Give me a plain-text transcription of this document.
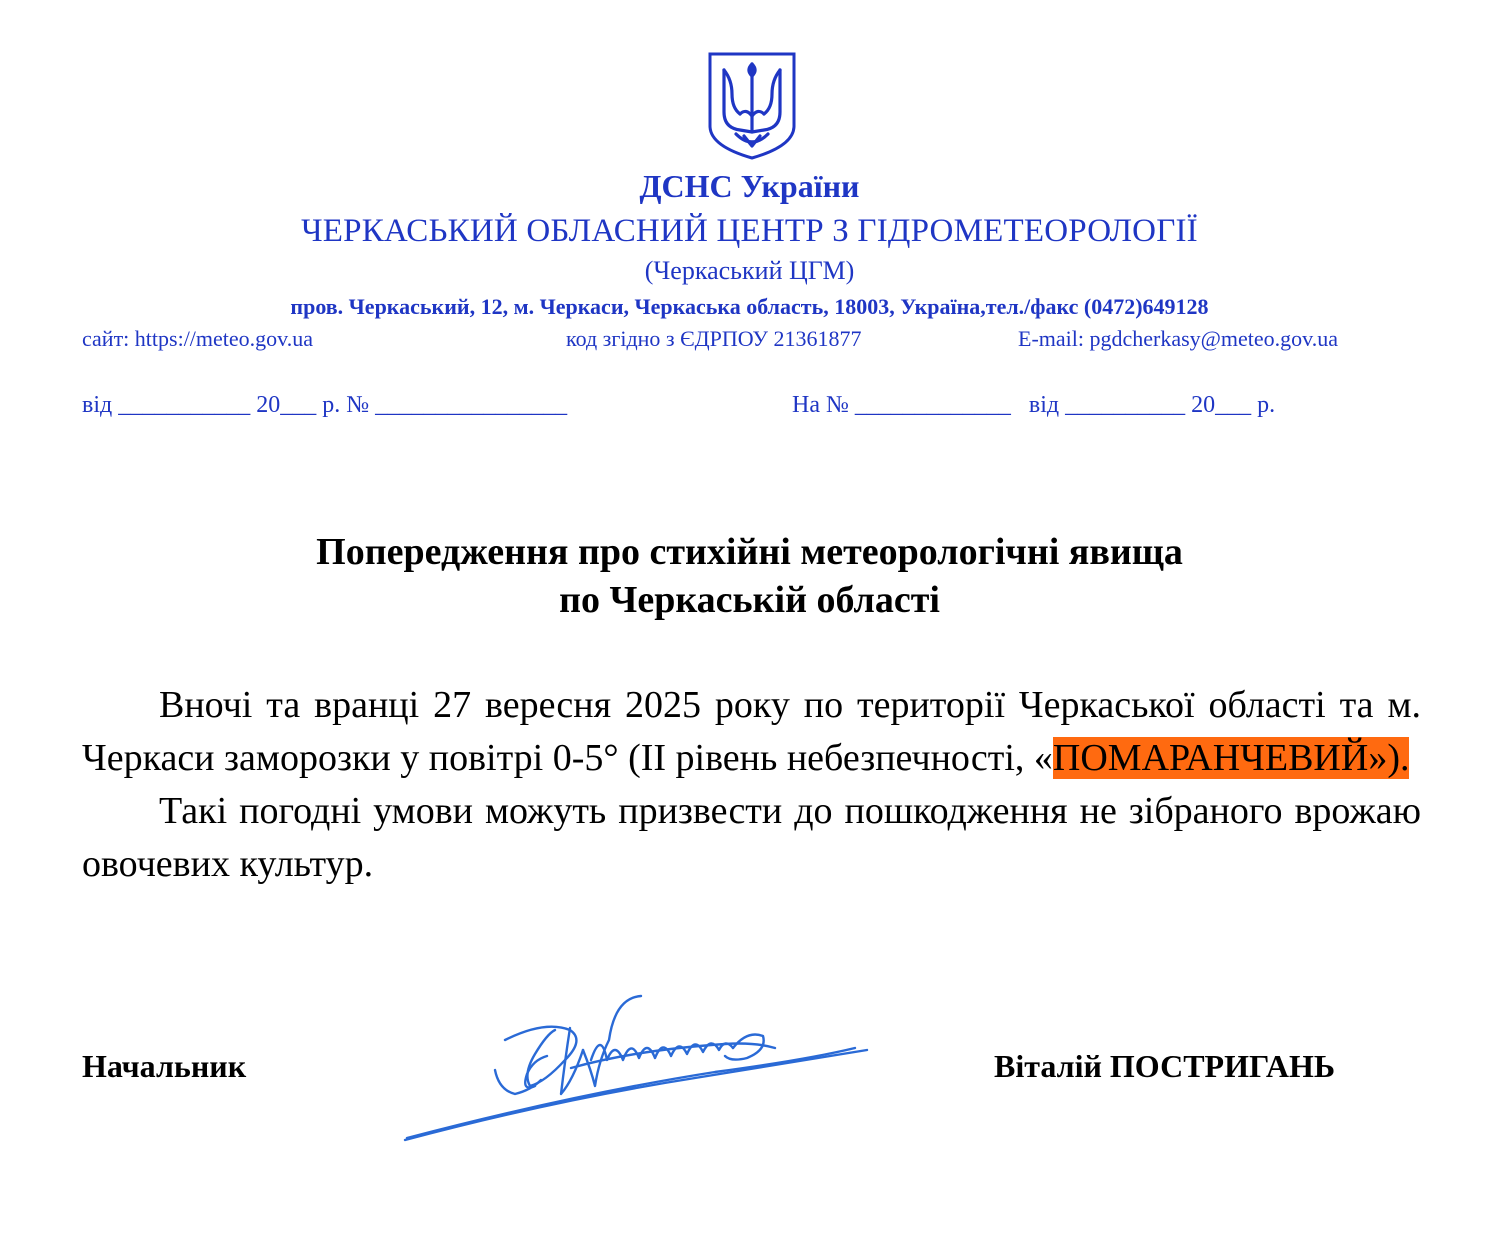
ДСНС України
ЧЕРКАСЬКИЙ ОБЛАСНИЙ ЦЕНТР З ГІДРОМЕТЕОРОЛОГІЇ
(Черкаський ЦГМ)
пров. Черкаський, 12, м. Черкаси, Черкаська область, 18003, Україна,тел./факс (0472)649128
сайт: https://meteo.gov.ua	код згідно з ЄДРПОУ 21361877	E-mail: pgdcherkasy@meteo.gov.ua
від ___________ 20___ р. № ________________	На № _____________   від __________ 20___ р.
Попередження про стихійні метеорологічні явища
по Черкаській області

Вночі та вранці 27 вересня 2025 року по території Черкаської області та м. Черкаси заморозки у повітрі 0-5° (II рівень небезпечності, «ПОМАРАНЧЕВИЙ»).

Такі погодні умови можуть призвести до пошкодження не зібраного врожаю овочевих культур.

Начальник	Віталій ПОСТРИГАНЬ
